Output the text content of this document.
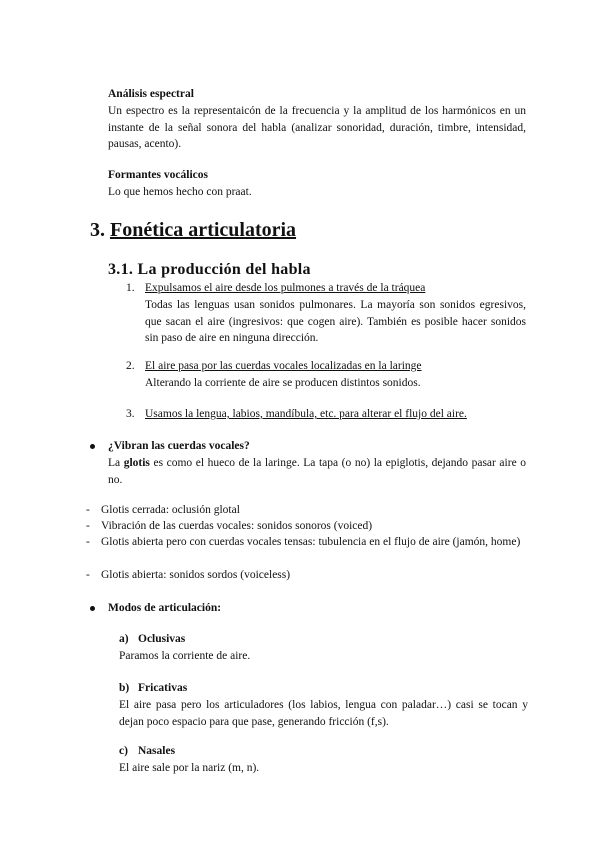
Análisis espectral
Un espectro es la representaicón de la frecuencia y la amplitud de los harmónicos en un instante de la señal sonora del habla (analizar sonoridad, duración, timbre, intensidad, pausas, acento).
Formantes vocálicos
Lo que hemos hecho con praat.
3. Fonética articulatoria
3.1. La producción del habla
1. Expulsamos el aire desde los pulmones a través de la tráquea
Todas las lenguas usan sonidos pulmonares. La mayoría son sonidos egresivos, que sacan el aire (ingresivos: que cogen aire). También es posible hacer sonidos sin paso de aire en ninguna dirección.
2. El aire pasa por las cuerdas vocales localizadas en la laringe
Alterando la corriente de aire se producen distintos sonidos.
3. Usamos la lengua, labios, mandíbula, etc. para alterar el flujo del aire.
¿Vibran las cuerdas vocales?
La glotis es como el hueco de la laringe. La tapa (o no) la epiglotis, dejando pasar aire o no.
- Glotis cerrada: oclusión glotal
- Vibración de las cuerdas vocales: sonidos sonoros (voiced)
- Glotis abierta pero con cuerdas vocales tensas: tubulencia en el flujo de aire (jamón, home)
- Glotis abierta: sonidos sordos (voiceless)
Modos de articulación:
a) Oclusivas
Paramos la corriente de aire.
b) Fricativas
El aire pasa pero los articuladores (los labios, lengua con paladar…) casi se tocan y dejan poco espacio para que pase, generando fricción (f,s).
c) Nasales
El aire sale por la nariz (m, n).
